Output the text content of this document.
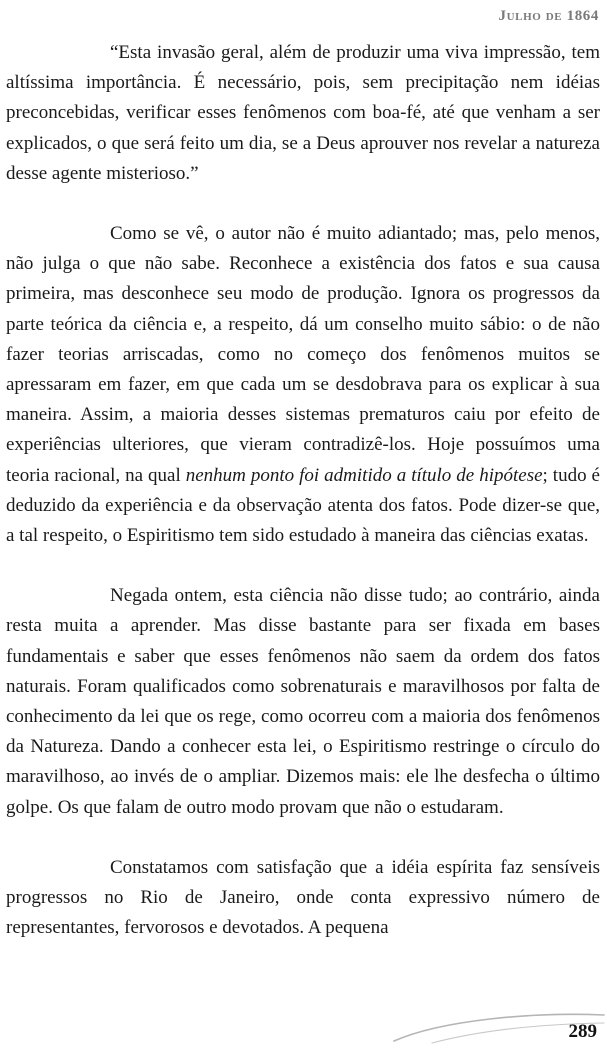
Julho de 1864

“Esta invasão geral, além de produzir uma viva impressão, tem altíssima importância. É necessário, pois, sem precipitação nem idéias preconcebidas, verificar esses fenômenos com boa-fé, até que venham a ser explicados, o que será feito um dia, se a Deus aprouver nos revelar a natureza desse agente misterioso.”

Como se vê, o autor não é muito adiantado; mas, pelo menos, não julga o que não sabe. Reconhece a existência dos fatos e sua causa primeira, mas desconhece seu modo de produção. Ignora os progressos da parte teórica da ciência e, a respeito, dá um conselho muito sábio: o de não fazer teorias arriscadas, como no começo dos fenômenos muitos se apressaram em fazer, em que cada um se desdobrava para os explicar à sua maneira. Assim, a maioria desses sistemas prematuros caiu por efeito de experiências ulteriores, que vieram contradizê-los. Hoje possuímos uma teoria racional, na qual nenhum ponto foi admitido a título de hipótese; tudo é deduzido da experiência e da observação atenta dos fatos. Pode dizer-se que, a tal respeito, o Espiritismo tem sido estudado à maneira das ciências exatas.

Negada ontem, esta ciência não disse tudo; ao contrário, ainda resta muita a aprender. Mas disse bastante para ser fixada em bases fundamentais e saber que esses fenômenos não saem da ordem dos fatos naturais. Foram qualificados como sobrenaturais e maravilhosos por falta de conhecimento da lei que os rege, como ocorreu com a maioria dos fenômenos da Natureza. Dando a conhecer esta lei, o Espiritismo restringe o círculo do maravilhoso, ao invés de o ampliar. Dizemos mais: ele lhe desfecha o último golpe. Os que falam de outro modo provam que não o estudaram.

Constatamos com satisfação que a idéia espírita faz sensíveis progressos no Rio de Janeiro, onde conta expressivo número de representantes, fervorosos e devotados. A pequena

289
